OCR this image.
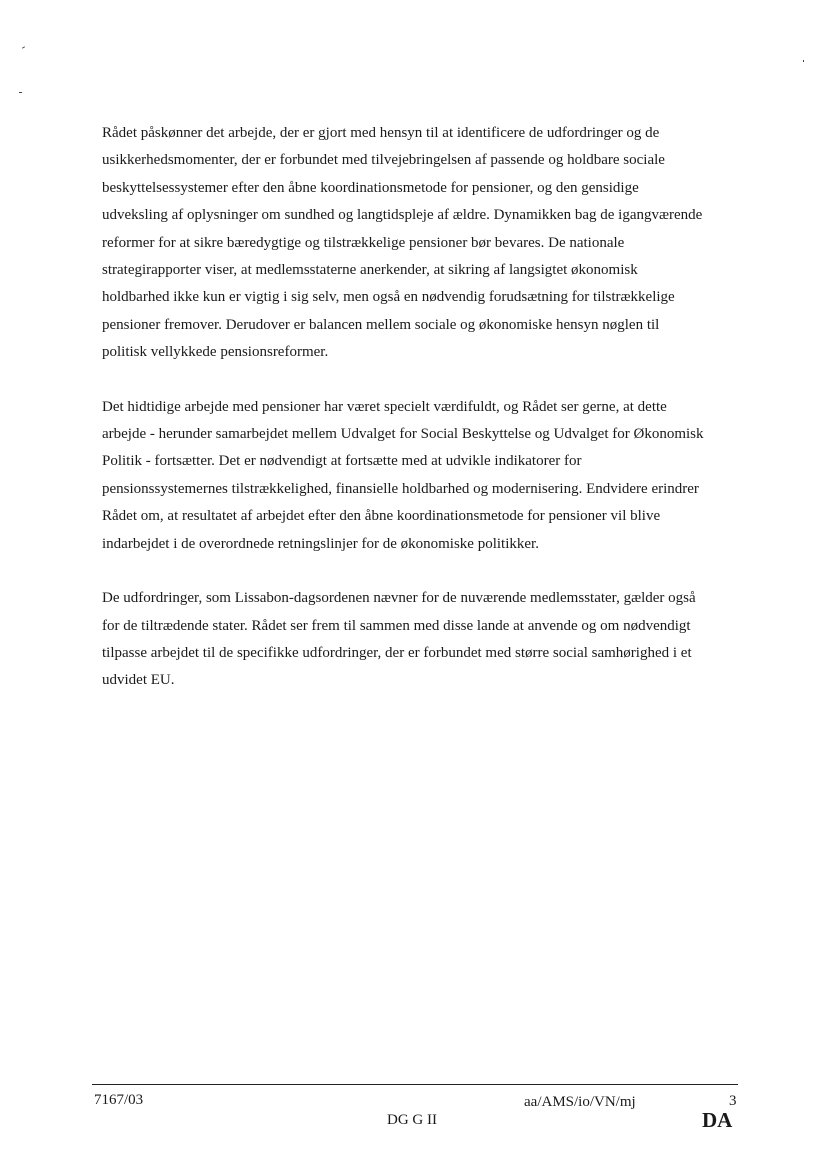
Rådet påskønner det arbejde, der er gjort med hensyn til at identificere de udfordringer og de
usikkerhedsmomenter, der er forbundet med tilvejebringelsen af passende og holdbare sociale
beskyttelsessystemer efter den åbne koordinationsmetode for pensioner, og den gensidige
udveksling af oplysninger om sundhed og langtidspleje af ældre. Dynamikken bag de igangværende
reformer for at sikre bæredygtige og tilstrækkelige pensioner bør bevares. De nationale
strategirapporter viser, at medlemsstaterne anerkender, at sikring af langsigtet økonomisk
holdbarhed ikke kun er vigtig i sig selv, men også en nødvendig forudsætning for tilstrækkelige
pensioner fremover. Derudover er balancen mellem sociale og økonomiske hensyn nøglen til
politisk vellykkede pensionsreformer.

Det hidtidige arbejde med pensioner har været specielt værdifuldt, og Rådet ser gerne, at dette
arbejde - herunder samarbejdet mellem Udvalget for Social Beskyttelse og Udvalget for Økonomisk
Politik - fortsætter. Det er nødvendigt at fortsætte med at udvikle indikatorer for
pensionssystemernes tilstrækkelighed, finansielle holdbarhed og modernisering. Endvidere erindrer
Rådet om, at resultatet af arbejdet efter den åbne koordinationsmetode for pensioner vil blive
indarbejdet i de overordnede retningslinjer for de økonomiske politikker.

De udfordringer, som Lissabon-dagsordenen nævner for de nuværende medlemsstater, gælder også
for de tiltrædende stater. Rådet ser frem til sammen med disse lande at anvende og om nødvendigt
tilpasse arbejdet til de specifikke udfordringer, der er forbundet med større social samhørighed i et
udvidet EU.

7167/03
DG G II
aa/AMS/io/VN/mj	3
DA
